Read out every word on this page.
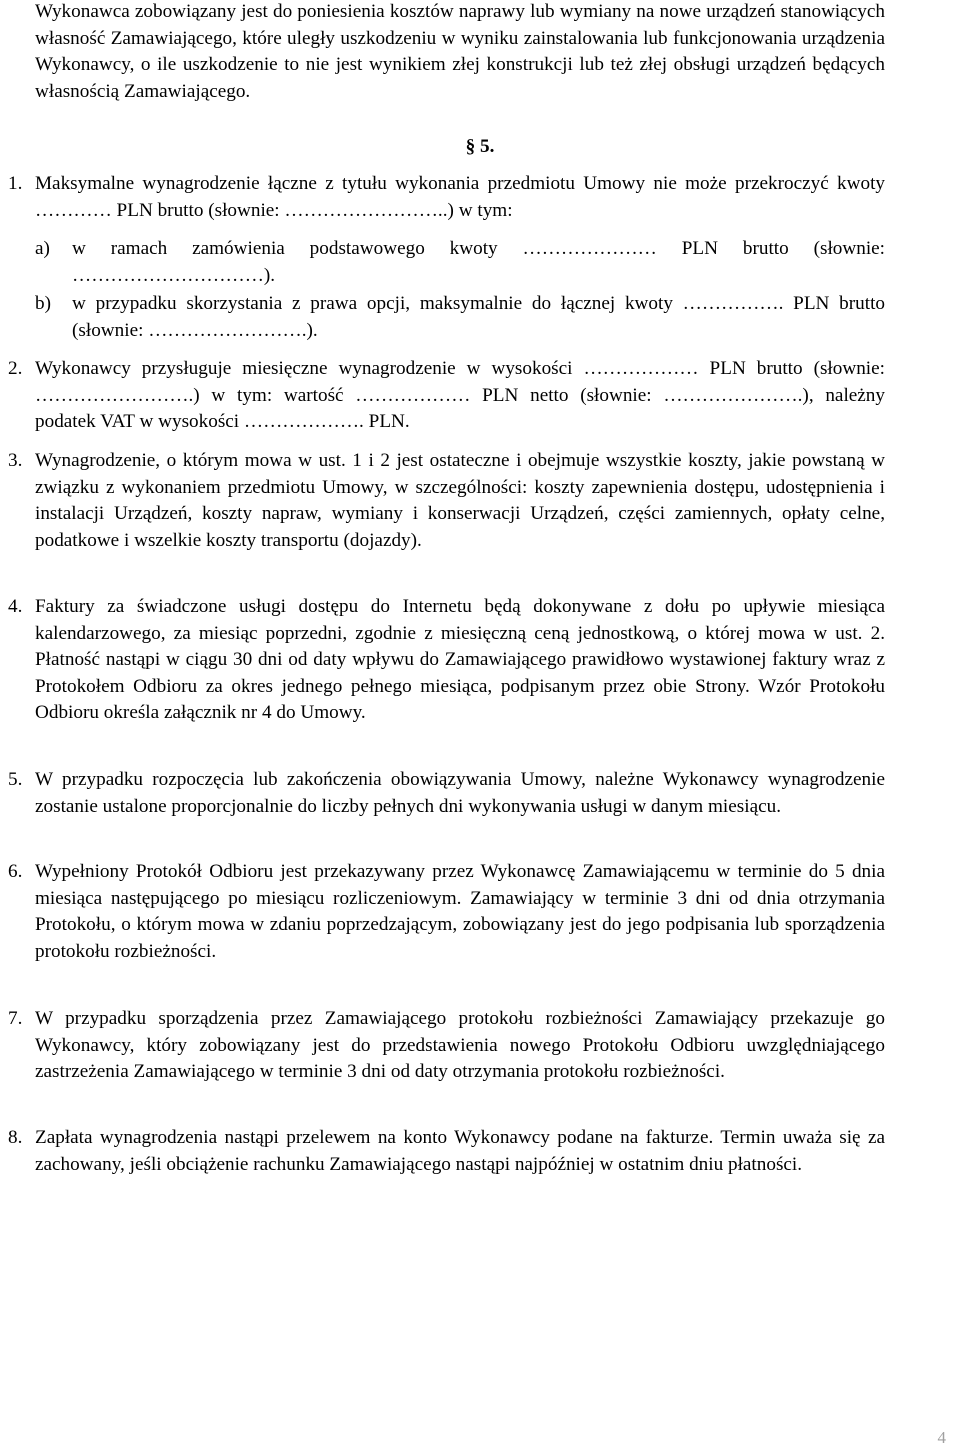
Wykonawca zobowiązany jest do poniesienia kosztów naprawy lub wymiany na nowe urządzeń stanowiących własność Zamawiającego, które uległy uszkodzeniu w wyniku zainstalowania lub funkcjonowania urządzenia Wykonawcy, o ile uszkodzenie to nie jest wynikiem złej konstrukcji lub też złej obsługi urządzeń będących własnością Zamawiającego.

§ 5.

1. Maksymalne wynagrodzenie łączne z tytułu wykonania przedmiotu Umowy nie może przekroczyć kwoty ………… PLN brutto (słownie: ……………………..) w tym:

a)	w ramach zamówienia podstawowego kwoty ………………… PLN brutto (słownie: …………………………).

b)	w przypadku skorzystania z prawa opcji, maksymalnie do łącznej kwoty ……………. PLN brutto (słownie: …………………….).

2. Wykonawcy przysługuje miesięczne wynagrodzenie w wysokości ……………… PLN brutto (słownie: …………………….) w tym: wartość ……………… PLN netto (słownie: ………………….), należny podatek VAT w wysokości ………………. PLN.

3. Wynagrodzenie, o którym mowa w ust. 1 i 2 jest ostateczne i obejmuje wszystkie koszty, jakie powstaną w związku z wykonaniem przedmiotu Umowy, w szczególności: koszty zapewnienia dostępu, udostępnienia i instalacji Urządzeń, koszty napraw, wymiany i konserwacji Urządzeń, części zamiennych, opłaty celne, podatkowe i wszelkie koszty transportu (dojazdy).

4. Faktury za świadczone usługi dostępu do Internetu będą dokonywane z dołu po upływie miesiąca kalendarzowego, za miesiąc poprzedni, zgodnie z miesięczną ceną jednostkową, o której mowa w ust. 2. Płatność nastąpi w ciągu 30 dni od daty wpływu do Zamawiającego prawidłowo wystawionej faktury wraz z Protokołem Odbioru za okres jednego pełnego miesiąca, podpisanym przez obie Strony. Wzór Protokołu Odbioru określa załącznik nr 4 do Umowy.

5. W przypadku rozpoczęcia lub zakończenia obowiązywania Umowy, należne Wykonawcy wynagrodzenie zostanie ustalone proporcjonalnie do liczby pełnych dni wykonywania usługi w danym miesiącu.

6. Wypełniony Protokół Odbioru jest przekazywany przez Wykonawcę Zamawiającemu w terminie do 5 dnia miesiąca następującego po miesiącu rozliczeniowym. Zamawiający w terminie 3 dni od dnia otrzymania Protokołu, o którym mowa w zdaniu poprzedzającym, zobowiązany jest do jego podpisania lub sporządzenia protokołu rozbieżności.

7. W przypadku sporządzenia przez Zamawiającego protokołu rozbieżności Zamawiający przekazuje go Wykonawcy, który zobowiązany jest do przedstawienia nowego Protokołu Odbioru uwzględniającego zastrzeżenia Zamawiającego w terminie 3 dni od daty otrzymania protokołu rozbieżności.

8. Zapłata wynagrodzenia nastąpi przelewem na konto Wykonawcy podane na fakturze. Termin uważa się za zachowany, jeśli obciążenie rachunku Zamawiającego nastąpi najpóźniej w ostatnim dniu płatności.

4
